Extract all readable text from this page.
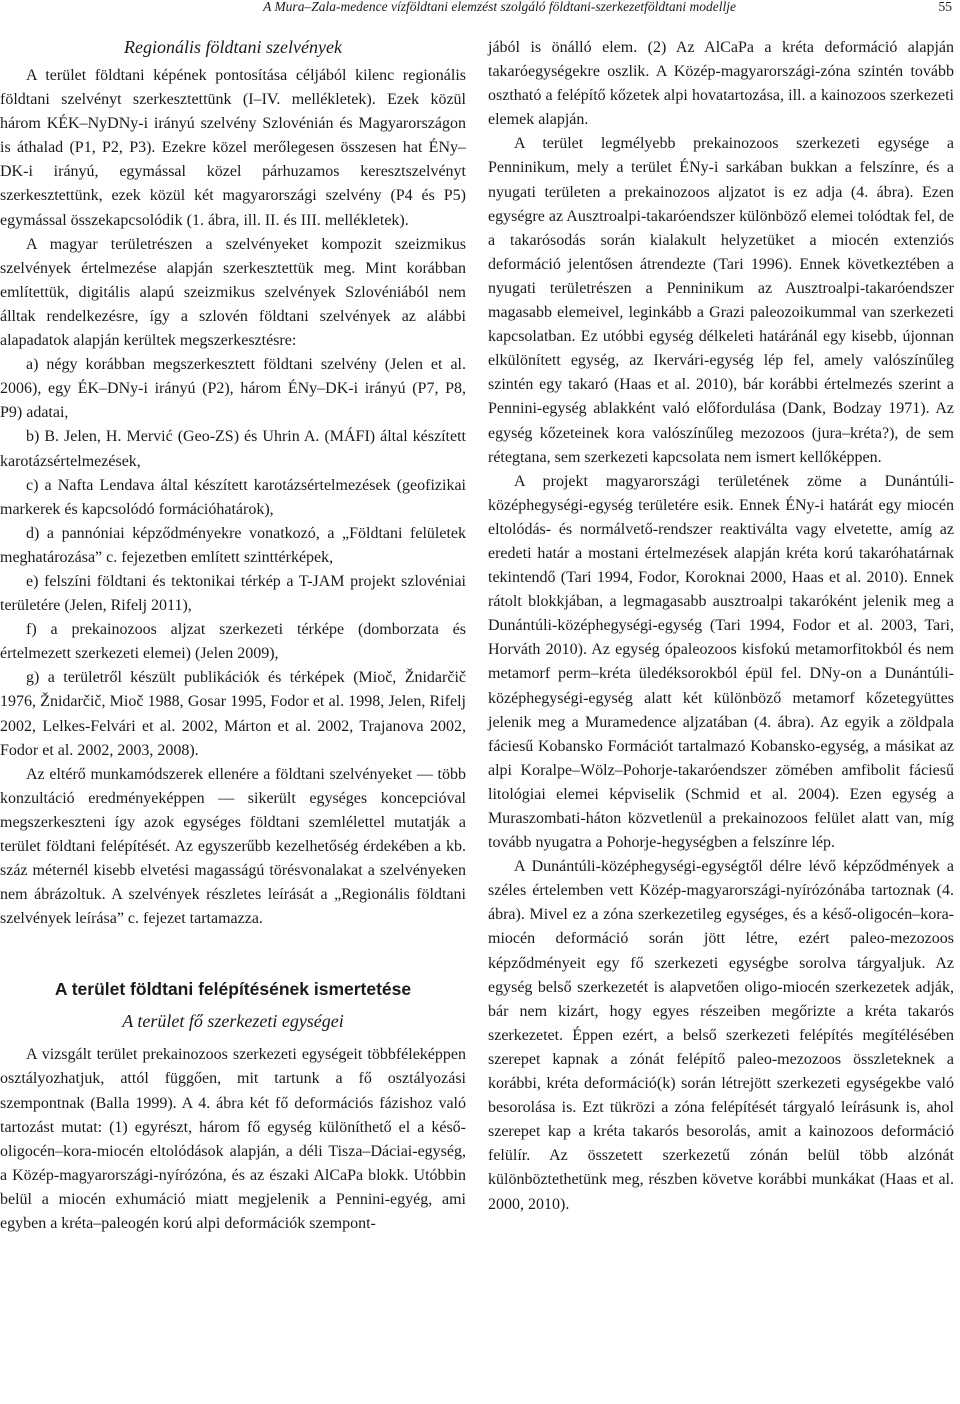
A Mura–Zala-medence vízföldtani elemzést szolgáló földtani-szerkezetföldtani modellje	55
Regionális földtani szelvények

A terület földtani képének pontosítása céljából kilenc regionális földtani szelvényt szerkesztettünk (I–IV. mellékletek). Ezek közül három KÉK–NyDNy-i irányú szelvény Szlovénián és Magyarországon is áthalad (P1, P2, P3). Ezekre közel merőlegesen összesen hat ÉNy–DK-i irányú, egymással közel párhuzamos keresztszelvényt szerkesztettünk, ezek közül két magyarországi szelvény (P4 és P5) egymással összekapcsolódik (1. ábra, ill. II. és III. mellékletek).

A magyar területrészen a szelvényeket kompozit szeizmikus szelvények értelmezése alapján szerkesztettük meg. Mint korábban említettük, digitális alapú szeizmikus szelvények Szlovéniából nem álltak rendelkezésre, így a szlovén földtani szelvények az alábbi alapadatok alapján kerültek megszerkesztésre:

a) négy korábban megszerkesztett földtani szelvény (Jelen et al. 2006), egy ÉK–DNy-i irányú (P2), három ÉNy–DK-i irányú (P7, P8, P9) adatai,

b) B. Jelen, H. Mervić (Geo-ZS) és Uhrin A. (MÁFI) által készített karotázsértelmezések,

c) a Nafta Lendava által készített karotázsértelmezések (geofizikai markerek és kapcsolódó formációhatárok),

d) a pannóniai képződményekre vonatkozó, a „Földtani felületek meghatározása” c. fejezetben említett szinttérképek,

e) felszíni földtani és tektonikai térkép a T-JAM projekt szlovéniai területére (Jelen, Rifelj 2011),

f) a prekainozoos aljzat szerkezeti térképe (domborzata és értelmezett szerkezeti elemei) (Jelen 2009),

g) a területről készült publikációk és térképek (Mioč, Žnidarčič 1976, Žnidarčič, Mioč 1988, Gosar 1995, Fodor et al. 1998, Jelen, Rifelj 2002, Lelkes-Felvári et al. 2002, Márton et al. 2002, Trajanova 2002, Fodor et al. 2002, 2003, 2008).

Az eltérő munkamódszerek ellenére a földtani szelvényeket — több konzultáció eredményeképpen — sikerült egységes koncepcióval megszerkeszteni így azok egységes földtani szemlélettel mutatják a terület földtani felépítését. Az egyszerűbb kezelhetőség érdekében a kb. száz méternél kisebb elvetési magasságú törésvonalakat a szelvényeken nem ábrázoltuk. A szelvények részletes leírását a „Regionális földtani szelvények leírása” c. fejezet tartamazza.

A terület földtani felépítésének ismertetése
A terület fő szerkezeti egységei

A vizsgált terület prekainozoos szerkezeti egységeit többféleképpen osztályozhatjuk, attól függően, mit tartunk a fő osztályozási szempontnak (Balla 1999). A 4. ábra két fő deformációs fázishoz való tartozást mutat: (1) egyrészt, három fő egység különíthető el a késő-oligocén–kora-miocén eltolódások alapján, a déli Tisza–Dáciai-egység, a Közép-magyarországi-nyírózóna, és az északi AlCaPa blokk. Utóbbin belül a miocén exhumáció miatt megjelenik a Pennini-egyég, ami egyben a kréta–paleogén korú alpi deformációk szempont-

jából is önálló elem. (2) Az AlCaPa a kréta deformáció alapján takaróegységekre oszlik. A Közép-magyarországi-zóna szintén tovább osztható a felépítő kőzetek alpi hovatartozása, ill. a kainozoos szerkezeti elemek alapján.

A terület legmélyebb prekainozoos szerkezeti egysége a Penninikum, mely a terület ÉNy-i sarkában bukkan a felszínre, és a nyugati területen a prekainozoos aljzatot is ez adja (4. ábra). Ezen egységre az Ausztroalpi-takaróendszer különböző elemei tolódtak fel, de a takarósodás során kialakult helyzetüket a miocén extenziós deformáció jelentősen átrendezte (Tari 1996). Ennek következtében a nyugati területrészen a Penninikum az Ausztroalpi-takaróendszer magasabb elemeivel, leginkább a Grazi paleozoikummal van szerkezeti kapcsolatban. Ez utóbbi egység délkeleti határánál egy kisebb, újonnan elkülönített egység, az Ikervári-egység lép fel, amely valószínűleg szintén egy takaró (Haas et al. 2010), bár korábbi értelmezés szerint a Pennini-egység ablakként való előfordulása (Dank, Bodzay 1971). Az egység kőzeteinek kora valószínűleg mezozoos (jura–kréta?), de sem rétegtana, sem szerkezeti kapcsolata nem ismert kellőképpen.

A projekt magyarországi területének zöme a Dunántúli-középhegységi-egység területére esik. Ennek ÉNy-i határát egy miocén eltolódás- és normálvető-rendszer reaktiválta vagy elvetette, amíg az eredeti határ a mostani értelmezések alapján kréta korú takaróhatárnak tekintendő (Tari 1994, Fodor, Koroknai 2000, Haas et al. 2010). Ennek rátolt blokkjában, a legmagasabb ausztroalpi takaróként jelenik meg a Dunántúli-középhegységi-egység (Tari 1994, Fodor et al. 2003, Tari, Horváth 2010). Az egység ópaleozoos kisfokú metamorfitokból és nem metamorf perm–kréta üledéksorokból épül fel. DNy-on a Dunántúli-középhegységi-egység alatt két különböző metamorf kőzetegyüttes jelenik meg a Muramedence aljzatában (4. ábra). Az egyik a zöldpala fáciesű Kobansko Formációt tartalmazó Kobansko-egység, a másikat az alpi Koralpe–Wölz–Pohorje-takaróendszer zömében amfibolit fáciesű litológiai elemei képviselik (Schmid et al. 2004). Ezen egység a Muraszombati-háton közvetlenül a prekainozoos felület alatt van, míg tovább nyugatra a Pohorje-hegységben a felszínre lép.

A Dunántúli-középhegységi-egységtől délre lévő képződmények a széles értelemben vett Közép-magyarországi-nyírózónába tartoznak (4. ábra). Mivel ez a zóna szerkezetileg egységes, és a késő-oligocén–kora-miocén deformáció során jött létre, ezért paleo-mezozoos képződményeit egy fő szerkezeti egységbe sorolva tárgyaljuk. Az egység belső szerkezetét is alapvetően oligo-miocén szerkezetek adják, bár nem kizárt, hogy egyes részeiben megőrizte a kréta takarós szerkezetet. Éppen ezért, a belső szerkezeti felépítés megítélésében szerepet kapnak a zónát felépítő paleo-mezozoos összleteknek a korábbi, kréta deformáció(k) során létrejött szerkezeti egységekbe való besorolása is. Ezt tükrözi a zóna felépítését tárgyaló leírásunk is, ahol szerepet kap a kréta takarós besorolás, amit a kainozoos deformáció felülír. Az összetett szerkezetű zónán belül több alzónát különböztethetünk meg, részben követve korábbi munkákat (Haas et al. 2000, 2010).
